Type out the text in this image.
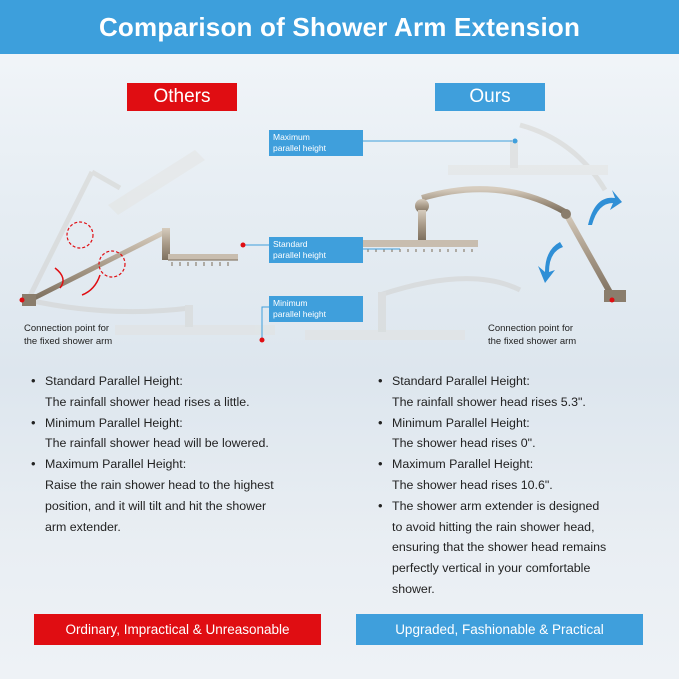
Comparison of Shower Arm Extension
Others	Ours
Maximum
parallel height
Standard
parallel height
Minimum
parallel height
Connection point for
the fixed shower arm
Connection point for
the fixed shower arm
• Standard Parallel Height:
The rainfall shower head rises a little.
• Minimum Parallel Height:
The rainfall shower head will be lowered.
• Maximum Parallel Height:
Raise the rain shower head to the highest
position, and it will tilt and hit the shower
arm extender.
• Standard Parallel Height:
The rainfall shower head rises 5.3".
• Minimum Parallel Height:
The shower head rises 0".
• Maximum Parallel Height:
The shower head rises 10.6".
• The shower arm extender is designed
to avoid hitting the rain shower head,
ensuring that the shower head remains
perfectly vertical in your comfortable
shower.
Ordinary, Impractical & Unreasonable	Upgraded, Fashionable & Practical
